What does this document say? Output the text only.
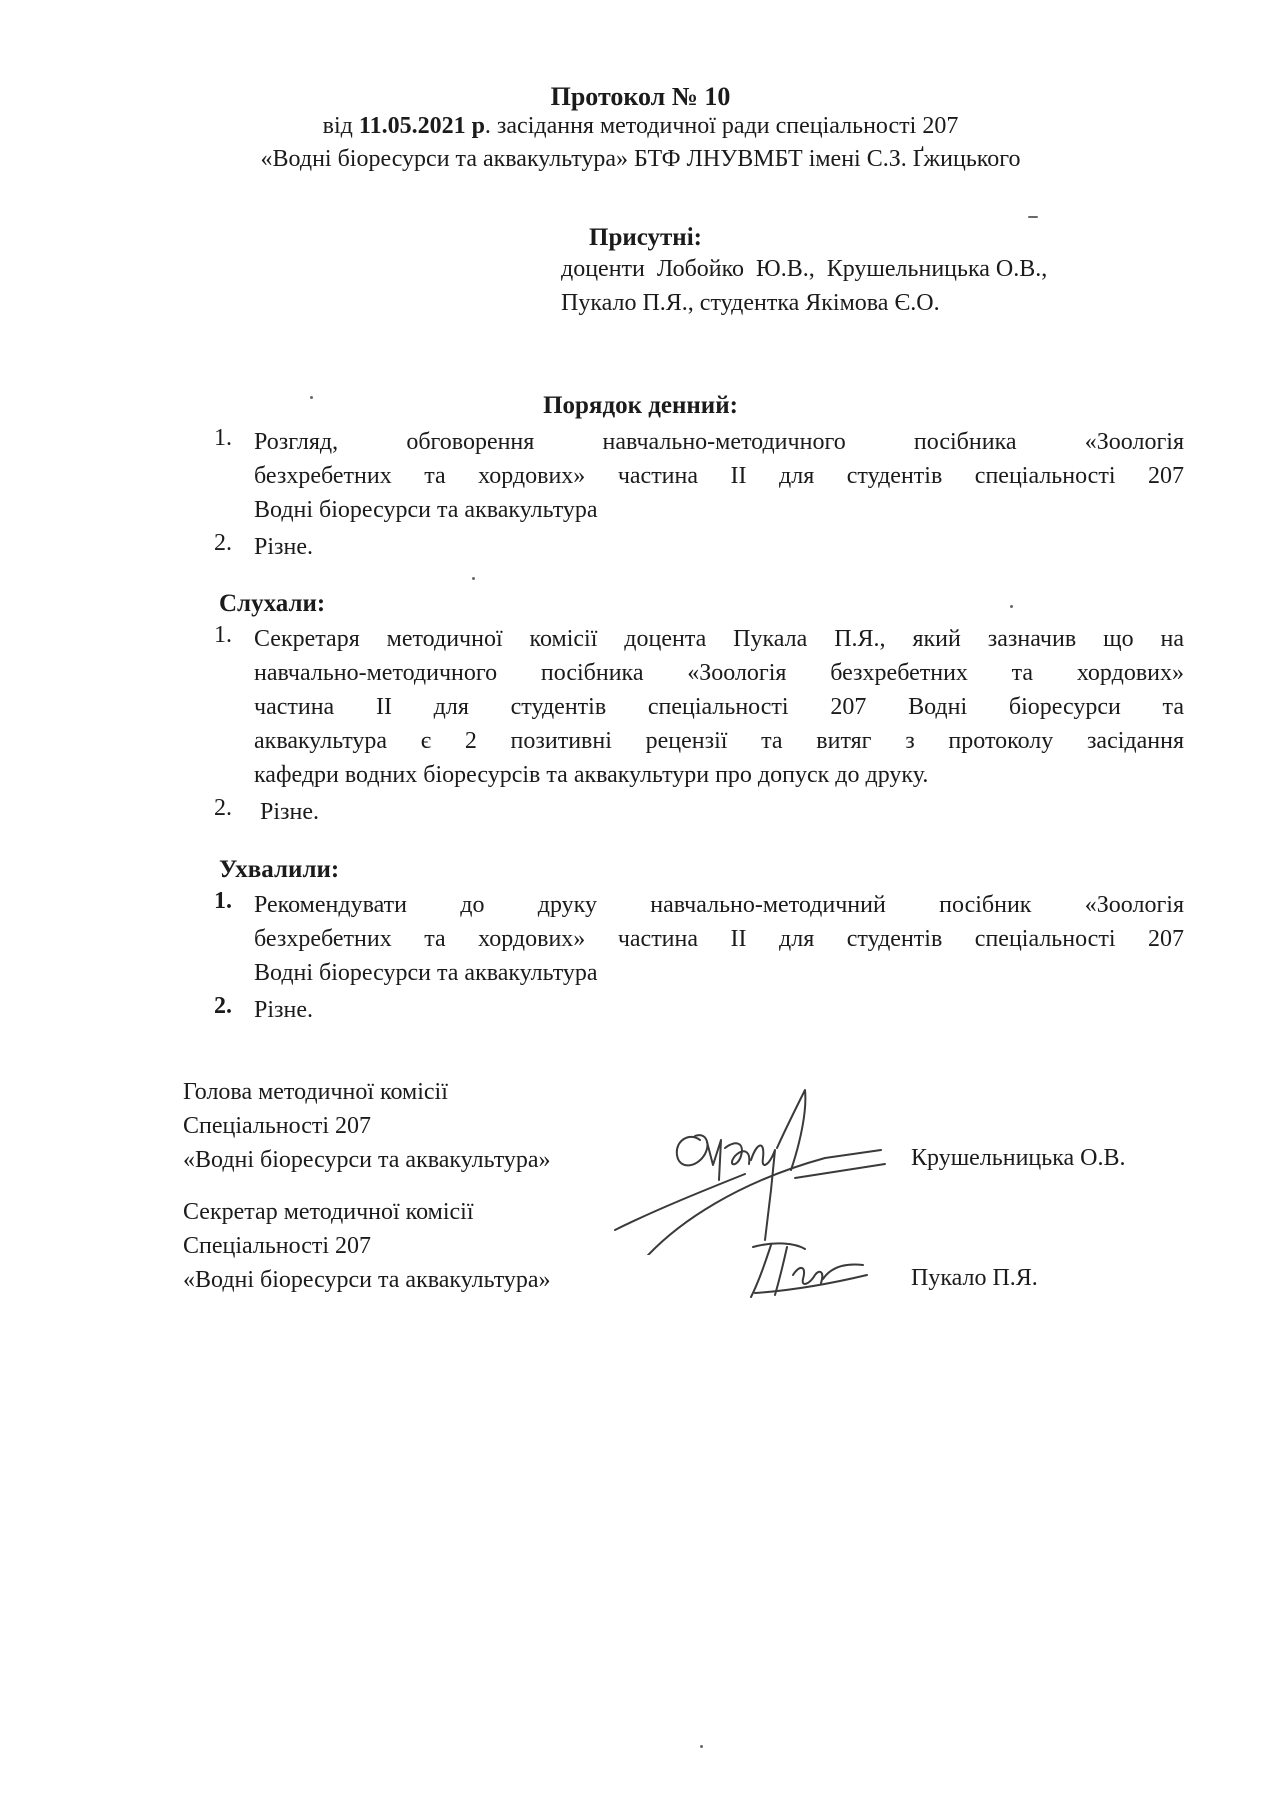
Протокол № 10
від 11.05.2021 р. засідання методичної ради спеціальності 207
«Водні біоресурси та аквакультура» БТФ ЛНУВМБТ імені С.З. Ґжицького
Присутні:
доценти  Лобойко  Ю.В.,  Крушельницька О.В.,
Пукало П.Я., студентка Якімова Є.О.
Порядок денний:
1. Розгляд, обговорення навчально-методичного посібника «Зоологія
безхребетних та хордових» частина ІІ для студентів спеціальності 207
Водні біоресурси та аквакультура
2. Різне.
Слухали:
1. Секретаря методичної комісії доцента Пукала П.Я., який зазначив що на
навчально-методичного посібника «Зоологія безхребетних та хордових»
частина ІІ для студентів спеціальності 207 Водні біоресурси та
аквакультура є 2 позитивні рецензії та витяг з протоколу засідання
кафедри водних біоресурсів та аквакультури про допуск до друку.
2. Різне.
Ухвалили:
1. Рекомендувати до друку навчально-методичний посібник «Зоологія
безхребетних та хордових» частина ІІ для студентів спеціальності 207
Водні біоресурси та аквакультура
2. Різне.
Голова методичної комісії
Спеціальності 207
«Водні біоресурси та аквакультура»	Крушельницька О.В.
Секретар методичної комісії
Спеціальності 207
«Водні біоресурси та аквакультура»	Пукало П.Я.
